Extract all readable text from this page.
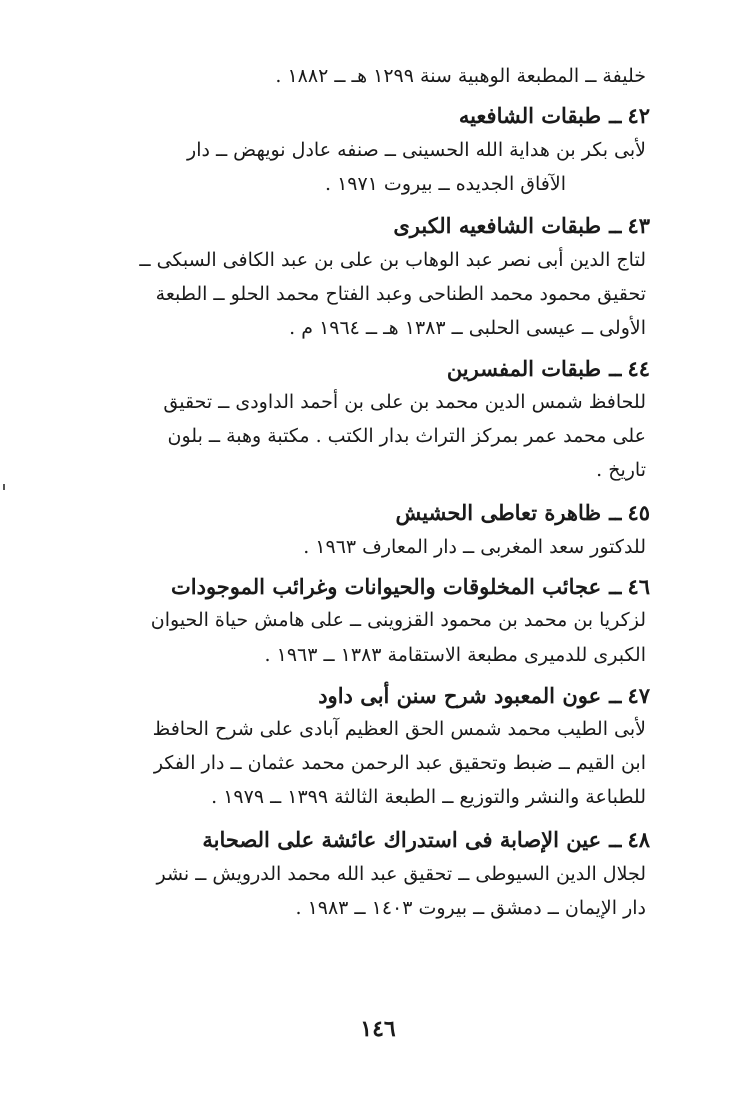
خليفة ــ المطبعة الوهبية سنة ١٢٩٩ هـ ــ ١٨٨٢ .
٤٢ــطبقات الشافعيه
لأبى بكر بن هداية الله الحسينى ــ صنفه عادل نويهض ــ دار
الآفاق الجديده ــ بيروت ١٩٧١ .
٤٣ــطبقات الشافعيه الكبرى
لتاج الدين أبى نصر عبد الوهاب بن على بن عبد الكافى السبكى ــ
تحقيق محمود محمد الطناحى وعبد الفتاح محمد الحلو ــ الطبعة
الأولى ــ عيسى الحلبى ــ ١٣٨٣ هـ ــ ١٩٦٤ م .
٤٤ــطبقات المفسرين
للحافظ شمس الدين محمد بن على بن أحمد الداودى ــ تحقيق
على محمد عمر بمركز التراث بدار الكتب . مكتبة وهبة ــ بلون
تاريخ .
٤٥ــظاهرة تعاطى الحشيش
للدكتور سعد المغربى ــ دار المعارف ١٩٦٣ .
٤٦ــعجائب المخلوقات والحيوانات وغرائب الموجودات
لزكريا بن محمد بن محمود القزوينى ــ على هامش حياة الحيوان
الكبرى للدميرى مطبعة الاستقامة ١٣٨٣ ــ ١٩٦٣ .
٤٧ــعون المعبود شرح سنن أبى داود
لأبى الطيب محمد شمس الحق العظيم آبادى على شرح الحافظ
ابن القيم ــ ضبط وتحقيق عبد الرحمن محمد عثمان ــ دار الفكر
للطباعة والنشر والتوزيع ــ الطبعة الثالثة ١٣٩٩ ــ ١٩٧٩ .
٤٨ــعين الإصابة فى استدراك عائشة على الصحابة
لجلال الدين السيوطى ــ تحقيق عبد الله محمد الدرويش ــ نشر
دار الإيمان ــ دمشق ــ بيروت ١٤٠٣ ــ ١٩٨٣ .
١٤٦
